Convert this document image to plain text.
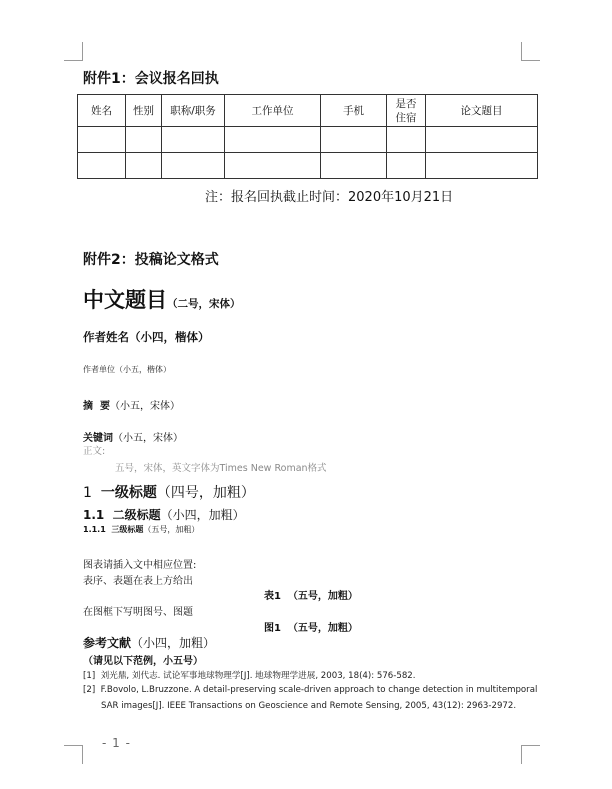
附件1：会议报名回执
姓名	性别	职称/职务	工作单位	手机	是否住宿	论文题目

注：报名回执截止时间：2020年10月21日
附件2：投稿论文格式
中文题目（二号，宋体）
作者姓名（小四，楷体）
作者单位（小五，楷体）
摘  要（小五，宋体）
关键词（小五，宋体）
正文:
五号，宋体，英文字体为Times New Roman格式
1 一级标题（四号，加粗）
1.1  二级标题（小四，加粗）
1.1.1  三级标题（五号，加粗）
图表请插入文中相应位置:
表序、表题在表上方给出
表1  （五号，加粗）
在图框下写明图号、图题
图1  （五号，加粗）
参考文献（小四，加粗）
（请见以下范例，小五号）
[1]  刘光鼎, 刘代志. 试论军事地球物理学[J]. 地球物理学进展, 2003, 18(4): 576-582.
[2]  F.Bovolo, L.Bruzzone. A detail-preserving scale-driven approach to change detection in multitemporal
SAR images[J]. IEEE Transactions on Geoscience and Remote Sensing, 2005, 43(12): 2963-2972.
- 1 -
